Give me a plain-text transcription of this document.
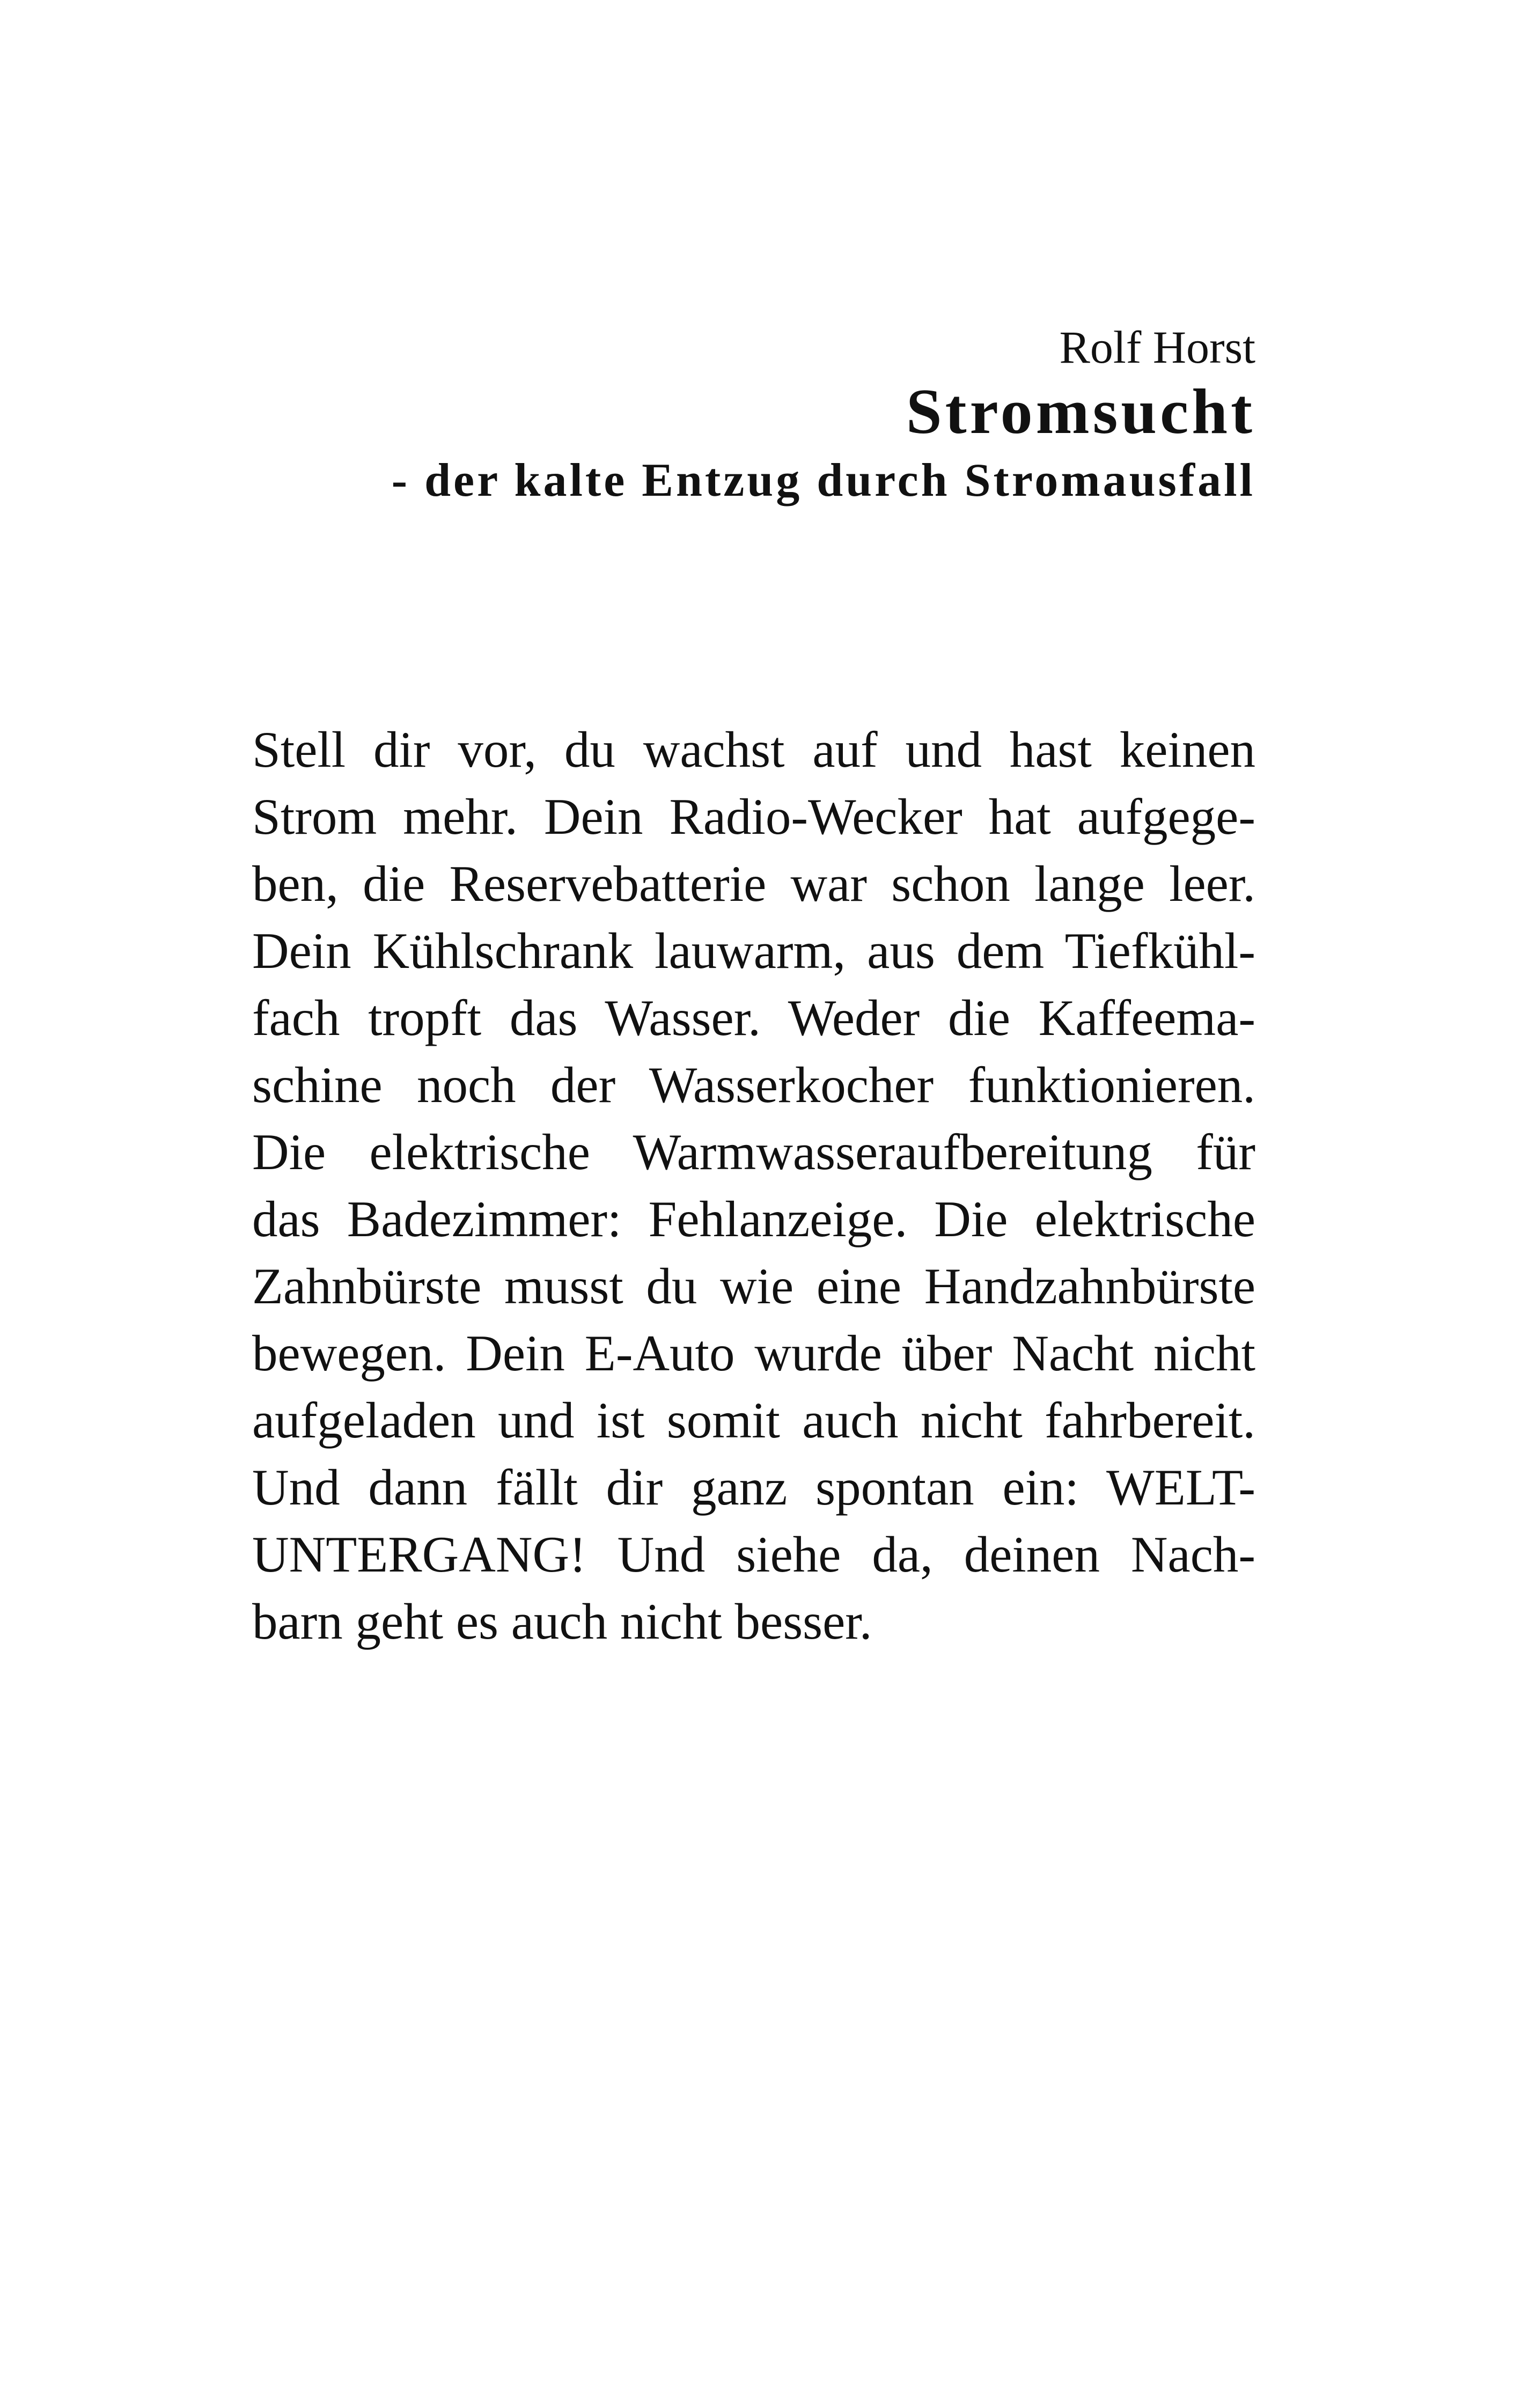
Rolf Horst

Stromsucht
- der kalte Entzug durch Stromausfall
Stell dir vor, du wachst auf und hast keinen
Strom mehr. Dein Radio-Wecker hat aufgege-
ben, die Reservebatterie war schon lange leer.
Dein Kühlschrank lauwarm, aus dem Tiefkühl-
fach tropft das Wasser. Weder die Kaffeema-
schine noch der Wasserkocher funktionieren.
Die elektrische Warmwasseraufbereitung für
das Badezimmer: Fehlanzeige. Die elektrische
Zahnbürste musst du wie eine Handzahnbürste
bewegen. Dein E-Auto wurde über Nacht nicht
aufgeladen und ist somit auch nicht fahrbereit.
Und dann fällt dir ganz spontan ein: WELT-
UNTERGANG! Und siehe da, deinen Nach-
barn geht es auch nicht besser.
